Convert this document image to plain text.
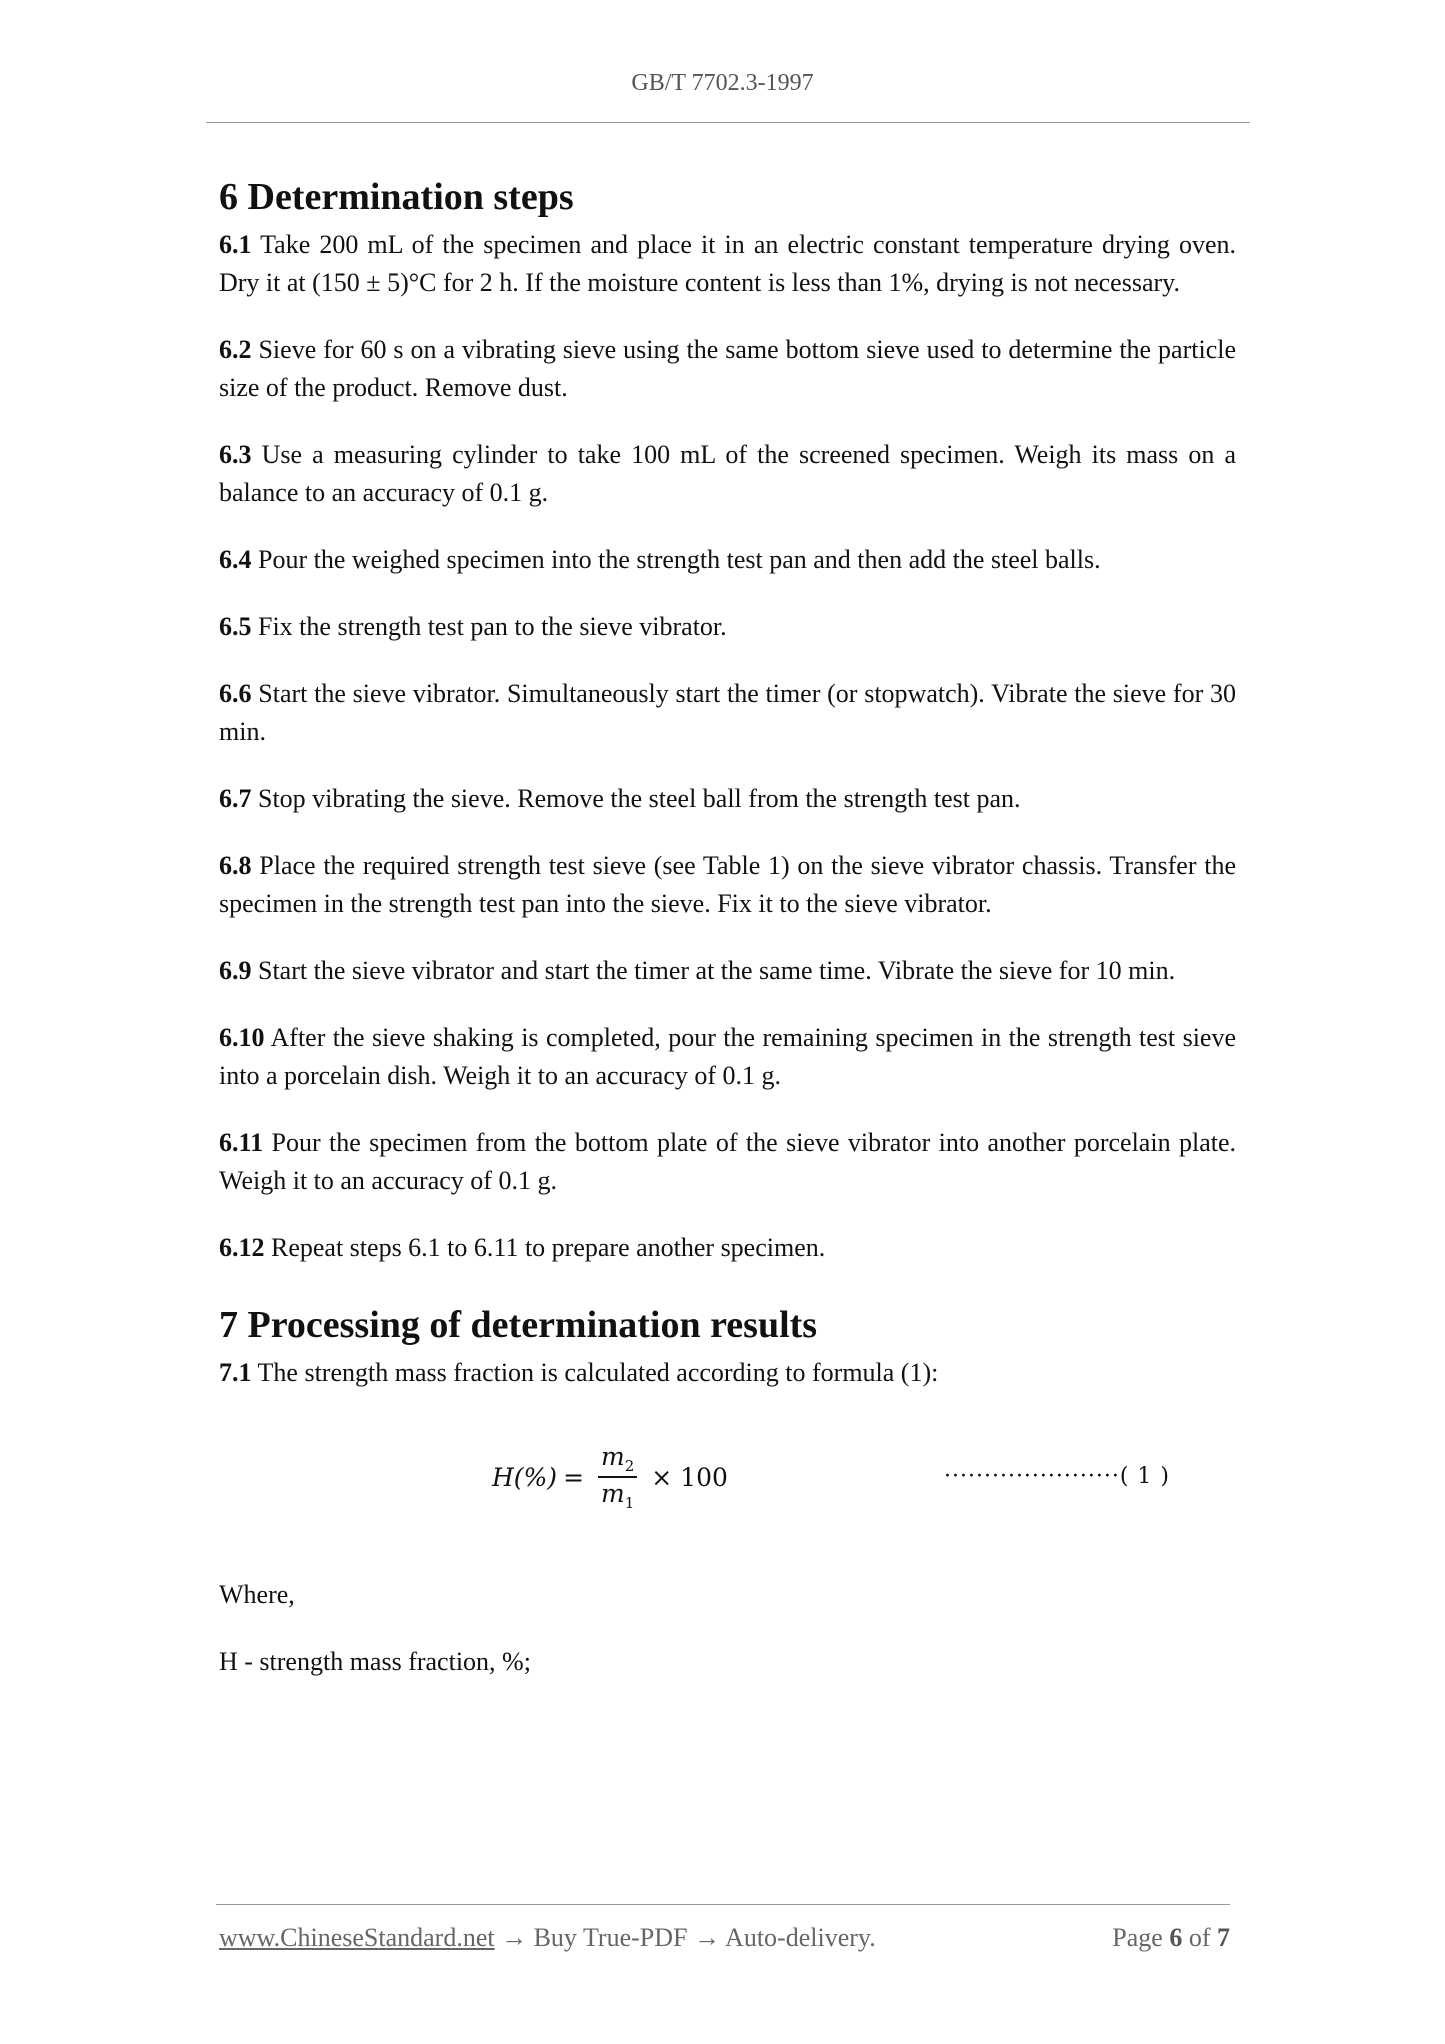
GB/T 7702.3-1997
6 Determination steps

6.1 Take 200 mL of the specimen and place it in an electric constant temperature drying oven. Dry it at (150 ± 5)°C for 2 h. If the moisture content is less than 1%, drying is not necessary.

6.2 Sieve for 60 s on a vibrating sieve using the same bottom sieve used to determine the particle size of the product. Remove dust.

6.3 Use a measuring cylinder to take 100 mL of the screened specimen. Weigh its mass on a balance to an accuracy of 0.1 g.

6.4 Pour the weighed specimen into the strength test pan and then add the steel balls.

6.5 Fix the strength test pan to the sieve vibrator.

6.6 Start the sieve vibrator. Simultaneously start the timer (or stopwatch). Vibrate the sieve for 30 min.

6.7 Stop vibrating the sieve. Remove the steel ball from the strength test pan.

6.8 Place the required strength test sieve (see Table 1) on the sieve vibrator chassis. Transfer the specimen in the strength test pan into the sieve. Fix it to the sieve vibrator.

6.9 Start the sieve vibrator and start the timer at the same time. Vibrate the sieve for 10 min.

6.10 After the sieve shaking is completed, pour the remaining specimen in the strength test sieve into a porcelain dish. Weigh it to an accuracy of 0.1 g.

6.11 Pour the specimen from the bottom plate of the sieve vibrator into another porcelain plate. Weigh it to an accuracy of 0.1 g.

6.12 Repeat steps 6.1 to 6.11 to prepare another specimen.

7 Processing of determination results

7.1 The strength mass fraction is calculated according to formula (1):

$H(\%) = \frac{m_2}{m_1} \times 100$	······················( 1 )

Where,

H - strength mass fraction, %;

www.ChineseStandard.net → Buy True-PDF → Auto-delivery.	Page 6 of 7
